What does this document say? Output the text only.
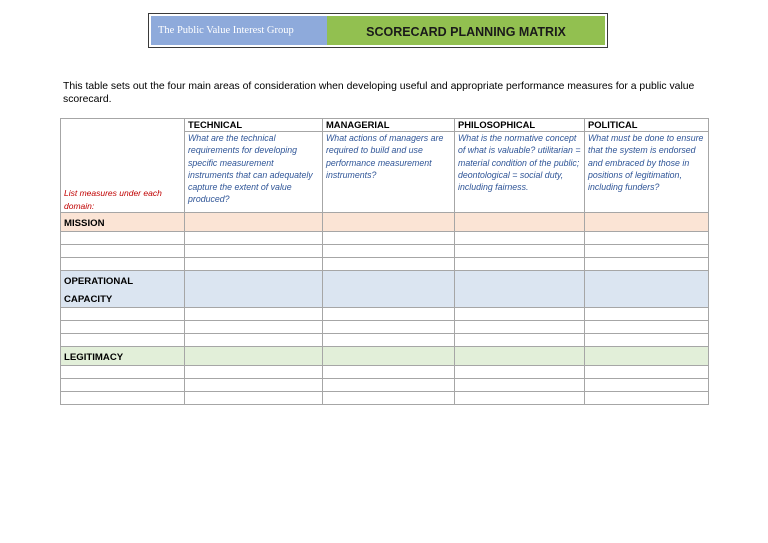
The Public Value Interest Group	SCORECARD PLANNING MATRIX

This table sets out the four main areas of consideration when developing useful and appropriate performance measures for a public value scorecard.

List measures under each domain:	TECHNICAL	MANAGERIAL	PHILOSOPHICAL	POLITICAL
	What are the technical requirements for developing specific measurement instruments that can adequately capture the extent of value produced?	What actions of managers are required to build and use performance measurement instruments?	What is the normative concept of what is valuable? utilitarian = material condition of the public; deontological = social duty, including fairness.	What must be done to ensure that the system is endorsed and embraced by those in positions of legitimation, including funders?
MISSION				

OPERATIONAL CAPACITY				

LEGITIMACY				
